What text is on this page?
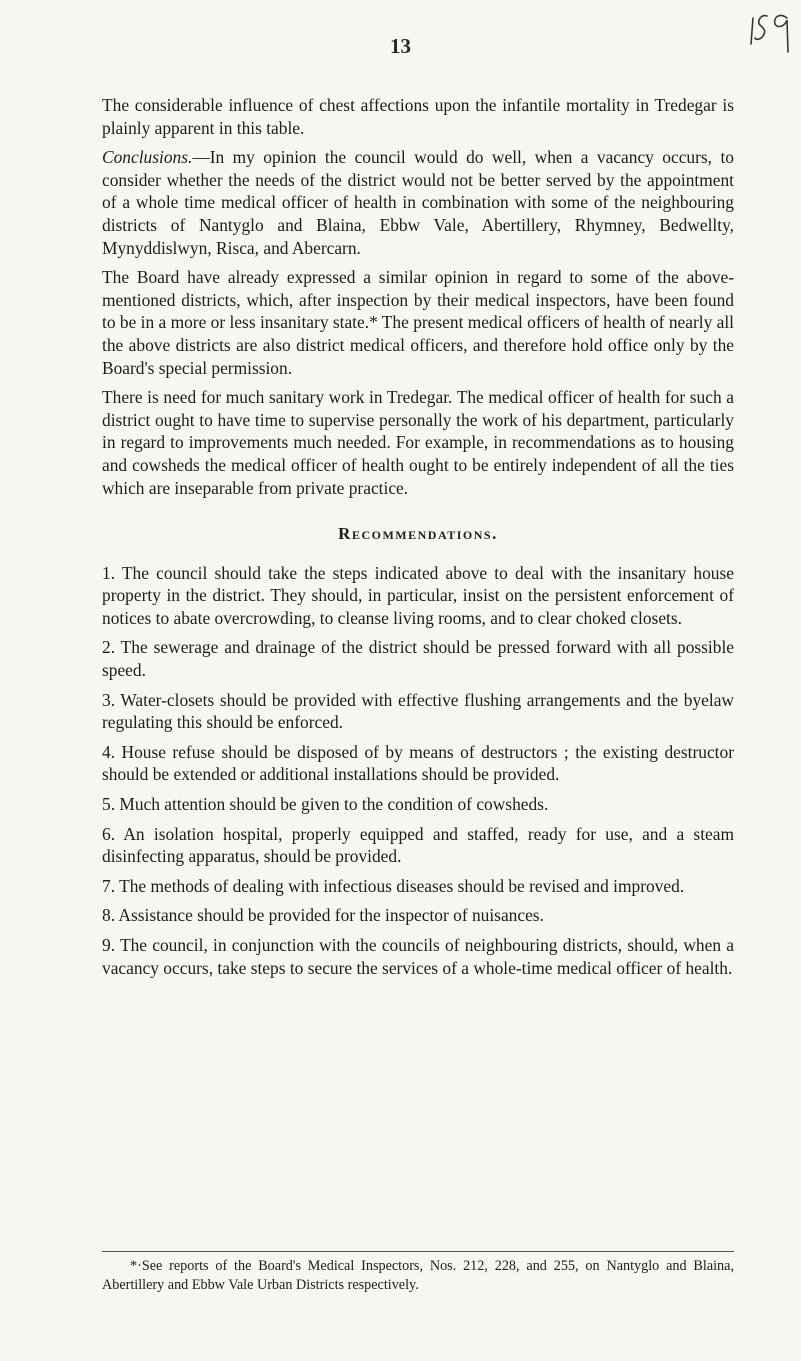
13

The considerable influence of chest affections upon the infantile mortality in Tredegar is plainly apparent in this table.

Conclusions.—In my opinion the council would do well, when a vacancy occurs, to consider whether the needs of the district would not be better served by the appointment of a whole time medical officer of health in combination with some of the neighbouring districts of Nantyglo and Blaina, Ebbw Vale, Abertillery, Rhymney, Bedwellty, Mynyddislwyn, Risca, and Abercarn.

The Board have already expressed a similar opinion in regard to some of the above-mentioned districts, which, after inspection by their medical inspectors, have been found to be in a more or less insanitary state.* The present medical officers of health of nearly all the above districts are also district medical officers, and therefore hold office only by the Board's special permission.

There is need for much sanitary work in Tredegar. The medical officer of health for such a district ought to have time to supervise personally the work of his department, particularly in regard to improvements much needed. For example, in recommendations as to housing and cowsheds the medical officer of health ought to be entirely independent of all the ties which are inseparable from private practice.

Recommendations.

1. The council should take the steps indicated above to deal with the insanitary house property in the district. They should, in particular, insist on the persistent enforcement of notices to abate overcrowding, to cleanse living rooms, and to clear choked closets.

2. The sewerage and drainage of the district should be pressed forward with all possible speed.

3. Water-closets should be provided with effective flushing arrangements and the byelaw regulating this should be enforced.

4. House refuse should be disposed of by means of destructors ; the existing destructor should be extended or additional installations should be provided.

5. Much attention should be given to the condition of cowsheds.

6. An isolation hospital, properly equipped and staffed, ready for use, and a steam disinfecting apparatus, should be provided.

7. The methods of dealing with infectious diseases should be revised and improved.

8. Assistance should be provided for the inspector of nuisances.

9. The council, in conjunction with the councils of neighbouring districts, should, when a vacancy occurs, take steps to secure the services of a whole-time medical officer of health.

*·See reports of the Board's Medical Inspectors, Nos. 212, 228, and 255, on Nantyglo and Blaina, Abertillery and Ebbw Vale Urban Districts respectively.
